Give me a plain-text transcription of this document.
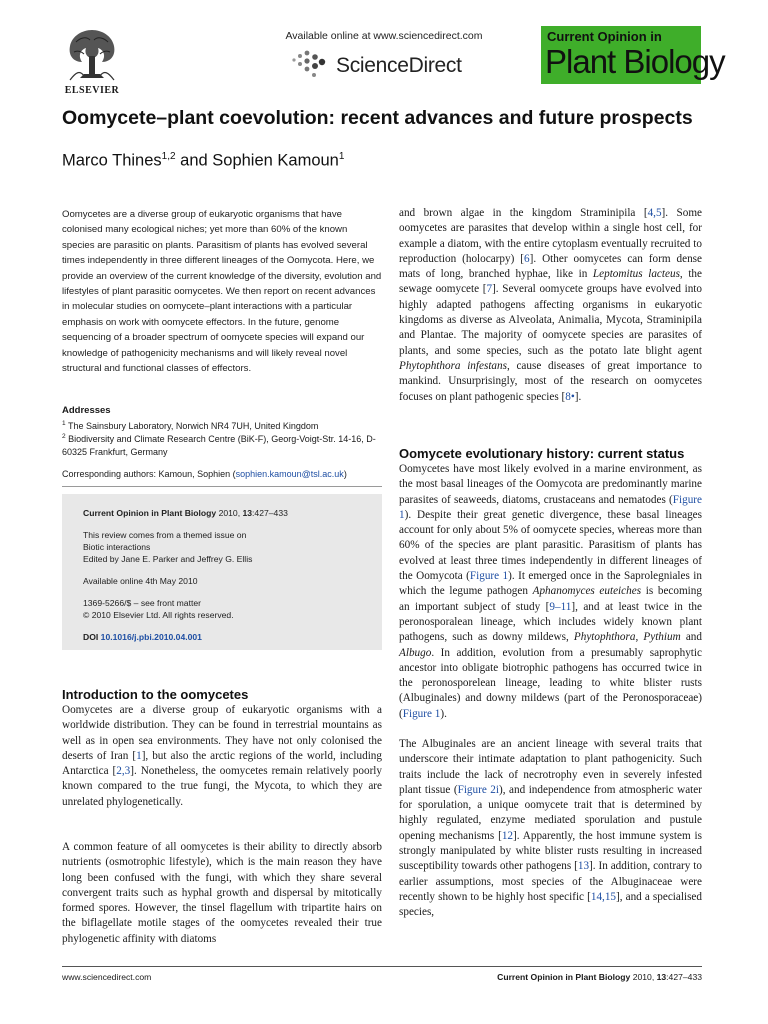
ELSEVIER
Available online at www.sciencedirect.com
ScienceDirect
Current Opinion in
Plant Biology
Oomycete–plant coevolution: recent advances and future prospects
Marco Thines$^{1,2}$ and Sophien Kamoun$^1$

Oomycetes are a diverse group of eukaryotic organisms that have colonised many ecological niches; yet more than 60% of the known species are parasitic on plants. Parasitism of plants has evolved several times independently in three different lineages of the Oomycota. Here, we provide an overview of the current knowledge of the diversity, evolution and lifestyles of plant parasitic oomycetes. We then report on recent advances in molecular studies on oomycete–plant interactions with a particular emphasis on work with oomycete effectors. In the future, genome sequencing of a broader spectrum of oomycete species will expand our knowledge of pathogenicity mechanisms and will likely reveal novel structural and functional classes of effectors.

Addresses
$^1$ The Sainsbury Laboratory, Norwich NR4 7UH, United Kingdom
$^2$ Biodiversity and Climate Research Centre (BiK-F), Georg-Voigt-Str. 14-16, D-60325 Frankfurt, Germany
Corresponding authors: Kamoun, Sophien (sophien.kamoun@tsl.ac.uk)
Current Opinion in Plant Biology 2010, 13:427–433
This review comes from a themed issue on
Biotic interactions
Edited by Jane E. Parker and Jeffrey G. Ellis
Available online 4th May 2010
1369-5266/$ – see front matter
© 2010 Elsevier Ltd. All rights reserved.
DOI 10.1016/j.pbi.2010.04.001
Introduction to the oomycetes

Oomycetes are a diverse group of eukaryotic organisms with a worldwide distribution. They can be found in terrestrial mountains as well as in open sea environments. They have not only colonised the deserts of Iran [1], but also the arctic regions of the world, including Antarctica [2,3]. Nonetheless, the oomycetes remain relatively poorly known compared to the true fungi, the Mycota, to which they are unrelated phylogenetically.

A common feature of all oomycetes is their ability to directly absorb nutrients (osmotrophic lifestyle), which is the main reason they have long been confused with the fungi, with which they share several convergent traits such as hyphal growth and dispersal by mitotically formed spores. However, the tinsel flagellum with tripartite hairs on the biflagellate motile stages of the oomycetes revealed their true phylogenetic affinity with diatoms

and brown algae in the kingdom Straminipila [4,5]. Some oomycetes are parasites that develop within a single host cell, for example a diatom, with the entire cytoplasm eventually recruited to reproduction (holocarpy) [6]. Other oomycetes can form dense mats of long, branched hyphae, like in Leptomitus lacteus, the sewage oomycete [7]. Several oomycete groups have evolved into highly adapted pathogens affecting organisms in eukaryotic kingdoms as diverse as Alveolata, Animalia, Mycota, Straminipila and Plantae. The majority of oomycete species are parasites of plants, and some species, such as the potato late blight agent Phytophthora infestans, cause diseases of great importance to mankind. Unsurprisingly, most of the research on oomycetes focuses on plant pathogenic species [8•].

Oomycete evolutionary history: current status

Oomycetes have most likely evolved in a marine environment, as the most basal lineages of the Oomycota are predominantly marine parasites of seaweeds, diatoms, crustaceans and nematodes (Figure 1). Despite their great genetic divergence, these basal lineages account for only about 5% of oomycete species, whereas more than 60% of the species are plant parasitic. Parasitism of plants has evolved at least three times independently in different lineages of the Oomycota (Figure 1). It emerged once in the Saprolegniales in which the legume pathogen Aphanomyces euteiches is becoming an important subject of study [9–11], and at least twice in the peronosporalean lineage, which includes widely known plant pathogens, such as downy mildews, Phytophthora, Pythium and Albugo. In addition, evolution from a presumably saprophytic ancestor into obligate biotrophic pathogens has occurred twice in the peronosporelean lineage, leading to white blister rusts (Albuginales) and downy mildews (part of the Peronosporaceae) (Figure 1).

The Albuginales are an ancient lineage with several traits that underscore their intimate adaptation to plant pathogenicity. Such traits include the lack of necrotrophy even in severely infested plant tissue (Figure 2i), and independence from atmospheric water for sporulation, a unique oomycete trait that is determined by highly regulated, enzyme mediated sporulation and pustule opening mechanisms [12]. Apparently, the host immune system is strongly manipulated by white blister rusts resulting in increased susceptibility towards other pathogens [13]. In addition, contrary to earlier assumptions, most species of the Albuginaceae were recently shown to be highly host specific [14,15], and a specialised species,

www.sciencedirect.com	Current Opinion in Plant Biology 2010, 13:427–433
